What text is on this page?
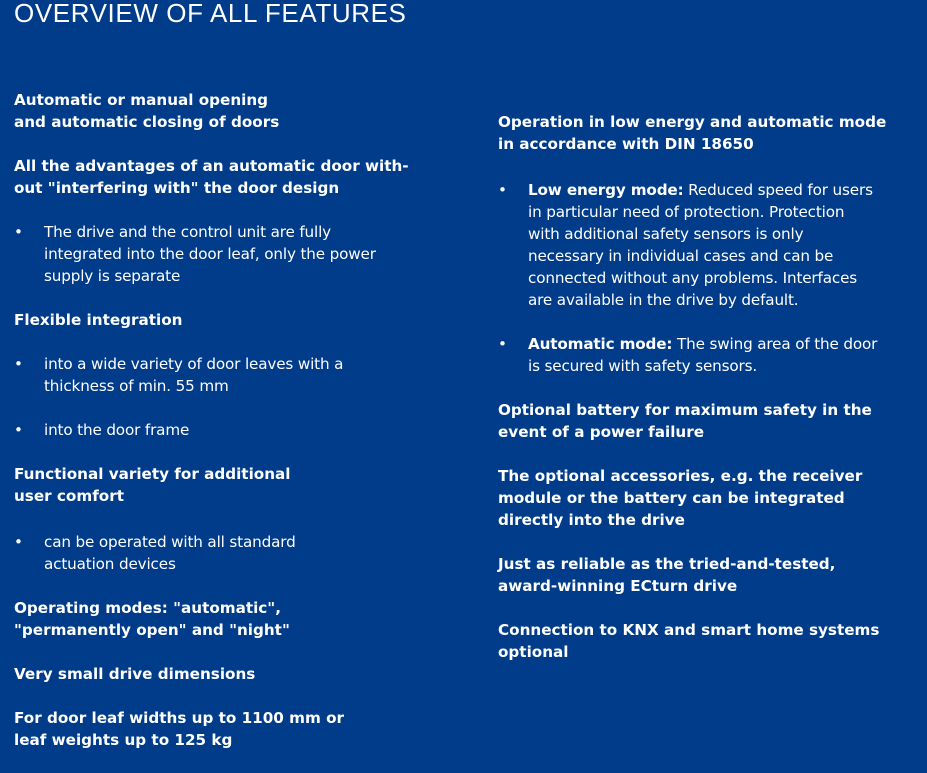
OVERVIEW OF ALL FEATURES
Automatic or manual opening
and automatic closing of doors
All the advantages of an automatic door with-
out "interfering with" the door design
• The drive and the control unit are fully
integrated into the door leaf, only the power
supply is separate
Flexible integration
• into a wide variety of door leaves with a
thickness of min. 55 mm
• into the door frame
Functional variety for additional
user comfort
• can be operated with all standard
actuation devices
Operating modes: "automatic",
"permanently open" and "night"
Very small drive dimensions
For door leaf widths up to 1100 mm or
leaf weights up to 125 kg
Operation in low energy and automatic mode
in accordance with DIN 18650
• Low energy mode: Reduced speed for users
in particular need of protection. Protection
with additional safety sensors is only
necessary in individual cases and can be
connected without any problems. Interfaces
are available in the drive by default.
• Automatic mode: The swing area of the door
is secured with safety sensors.
Optional battery for maximum safety in the
event of a power failure
The optional accessories, e.g. the receiver
module or the battery can be integrated
directly into the drive
Just as reliable as the tried-and-tested,
award-winning ECturn drive
Connection to KNX and smart home systems
optional
